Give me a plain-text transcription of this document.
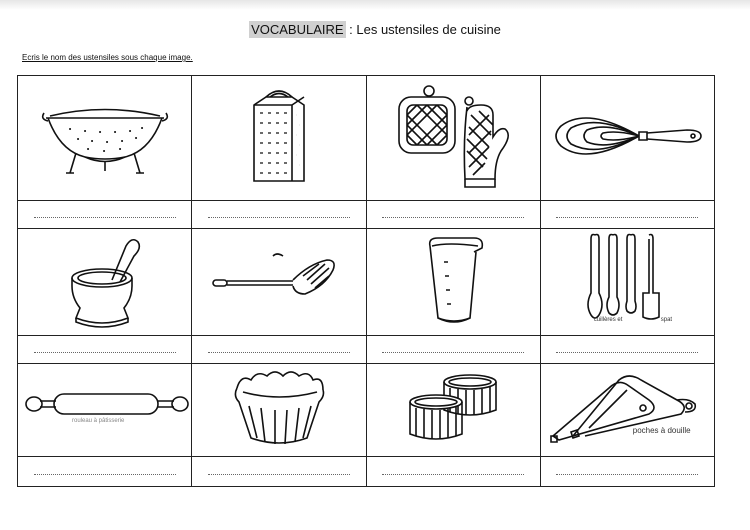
VOCABULAIRE : Les ustensiles de cuisine
Ecris le nom des ustensiles sous chaque image.

cuillères et spat

rouleau à pâtisserie			poches à douille
